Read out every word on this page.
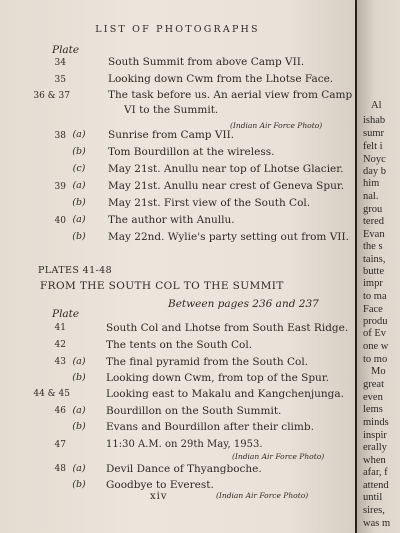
LIST OF PHOTOGRAPHS
Plate
34	South Summit from above Camp VII.
35	Looking down Cwm from the Lhotse Face.
36 & 37	The task before us. An aerial view from Camp
VI to the Summit.
(Indian Air Force Photo)
38 (a) Sunrise from Camp VII.
(b) Tom Bourdillon at the wireless.
(c) May 21st. Anullu near top of Lhotse Glacier.
39 (a) May 21st. Anullu near crest of Geneva Spur.
(b) May 21st. First view of the South Col.
40 (a) The author with Anullu.
(b) May 22nd. Wylie's party setting out from VII.
PLATES 41-48
FROM THE SOUTH COL TO THE SUMMIT
Between pages 236 and 237
Plate
41	South Col and Lhotse from South East Ridge.
42	The tents on the South Col.
43 (a) The final pyramid from the South Col.
(b) Looking down Cwm, from top of the Spur.
44 & 45	Looking east to Makalu and Kangchenjunga.
46 (a) Bourdillon on the South Summit.
(b) Evans and Bourdillon after their climb.
47	11:30 A.M. on 29th May, 1953.
(Indian Air Force Photo)
48 (a) Devil Dance of Thyangboche.
(b) Goodbye to Everest.
xiv	(Indian Air Force Photo)
Al
ishab
sumr
felt i
Noyc
day b
him
nal.
grou
tered
Evan
the s
tains,
butte
impr
to ma
Face
produ
of Ev
one w
to mo
Mo
great
even
lems
minds
inspir
erally
when
afar, f
attend
until
sires,
was m
